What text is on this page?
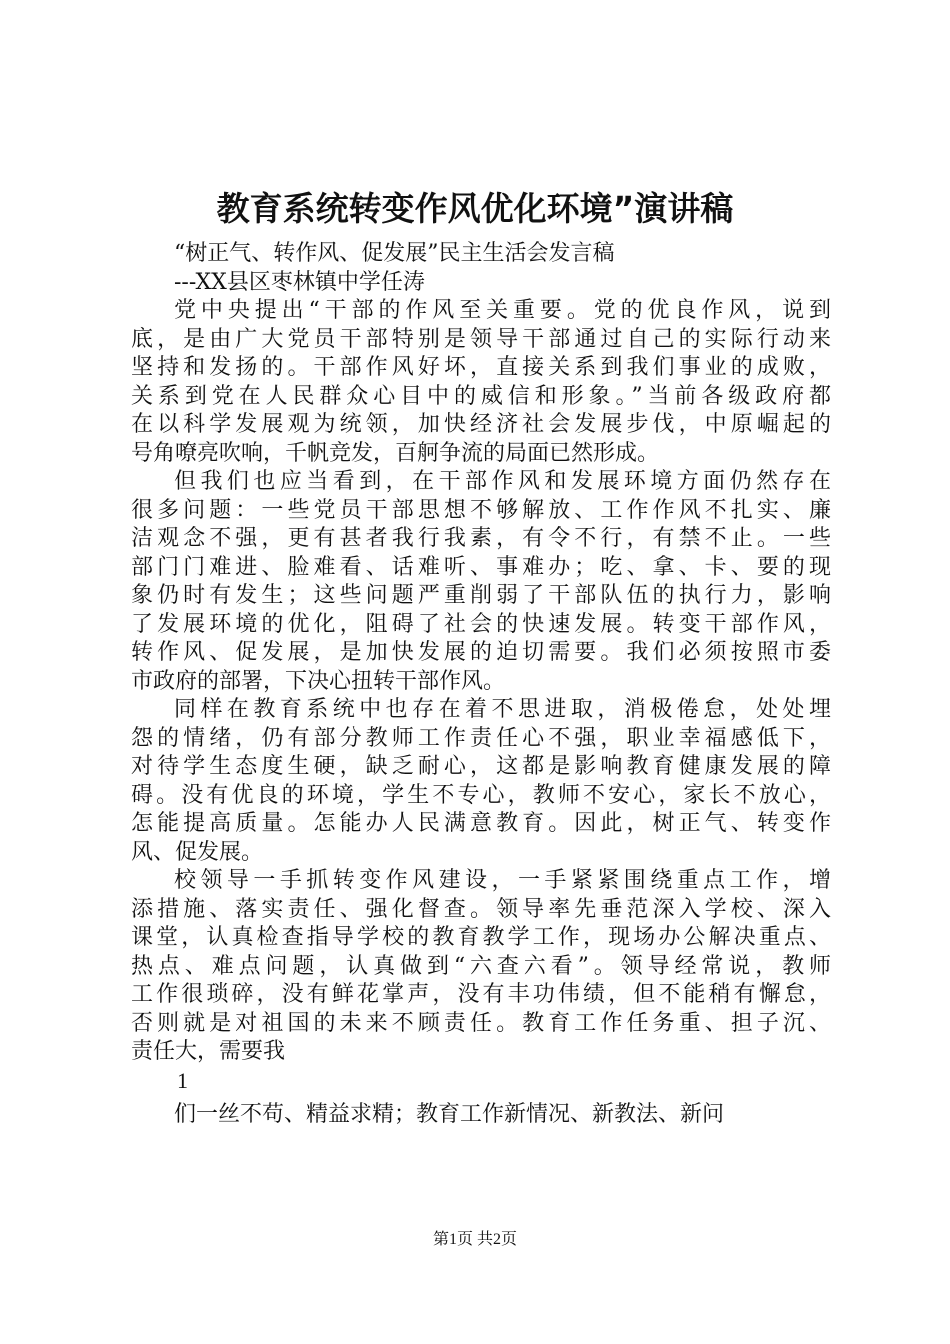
教育系统转变作风优化环境”演讲稿
“树正气、转作风、促发展”民主生活会发言稿
---XX县区枣林镇中学任涛
党中央提出“干部的作风至关重要。党的优良作风，说到
底，是由广大党员干部特别是领导干部通过自己的实际行动来
坚持和发扬的。干部作风好坏，直接关系到我们事业的成败，
关系到党在人民群众心目中的威信和形象。”当前各级政府都
在以科学发展观为统领，加快经济社会发展步伐，中原崛起的
号角嘹亮吹响，千帆竞发，百舸争流的局面已然形成。
但我们也应当看到，在干部作风和发展环境方面仍然存在
很多问题：一些党员干部思想不够解放、工作作风不扎实、廉
洁观念不强，更有甚者我行我素，有令不行，有禁不止。一些
部门门难进、脸难看、话难听、事难办；吃、拿、卡、要的现
象仍时有发生；这些问题严重削弱了干部队伍的执行力，影响
了发展环境的优化，阻碍了社会的快速发展。转变干部作风，
转作风、促发展，是加快发展的迫切需要。我们必须按照市委
市政府的部署，下决心扭转干部作风。
同样在教育系统中也存在着不思进取，消极倦怠，处处埋
怨的情绪，仍有部分教师工作责任心不强，职业幸福感低下，
对待学生态度生硬，缺乏耐心，这都是影响教育健康发展的障
碍。没有优良的环境，学生不专心，教师不安心，家长不放心，
怎能提高质量。怎能办人民满意教育。因此，树正气、转变作
风、促发展。
校领导一手抓转变作风建设，一手紧紧围绕重点工作，增
添措施、落实责任、强化督查。领导率先垂范深入学校、深入
课堂，认真检查指导学校的教育教学工作，现场办公解决重点、
热点、难点问题，认真做到“六查六看”。领导经常说，教师
工作很琐碎，没有鲜花掌声，没有丰功伟绩，但不能稍有懈怠，
否则就是对祖国的未来不顾责任。教育工作任务重、担子沉、
责任大，需要我
1
们一丝不苟、精益求精；教育工作新情况、新教法、新问
第1页 共2页
